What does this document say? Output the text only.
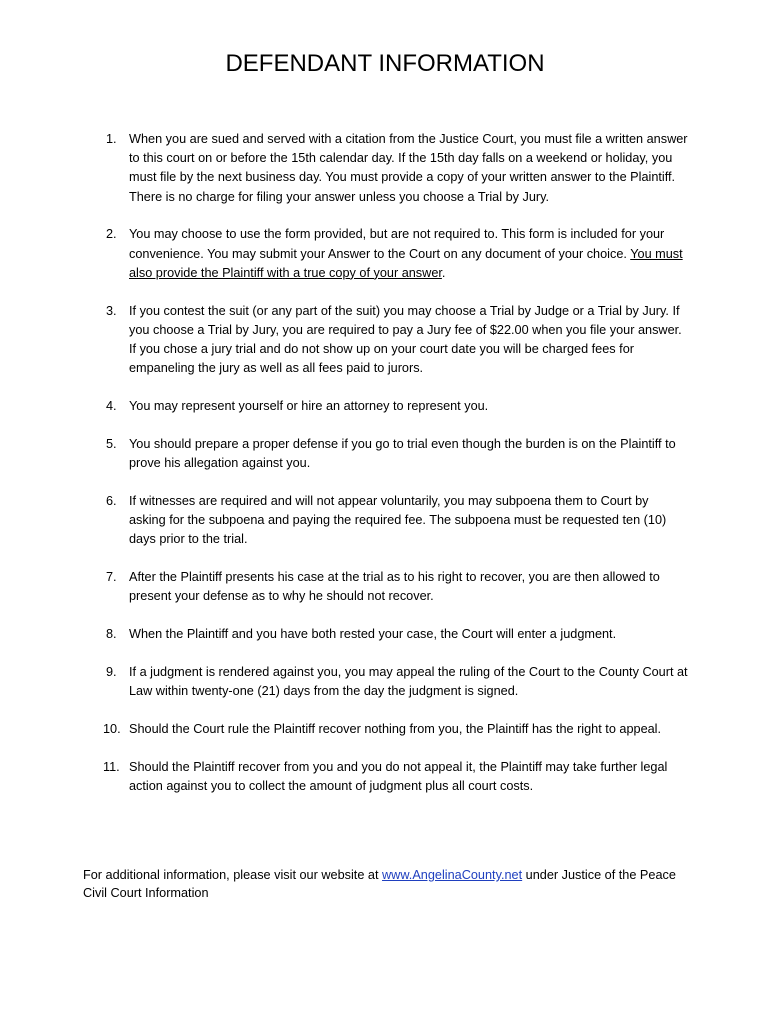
DEFENDANT INFORMATION
1. When you are sued and served with a citation from the Justice Court, you must file a written answer to this court on or before the 15th calendar day. If the 15th day falls on a weekend or holiday, you must file by the next business day. You must provide a copy of your written answer to the Plaintiff. There is no charge for filing your answer unless you choose a Trial by Jury.
2. You may choose to use the form provided, but are not required to. This form is included for your convenience. You may submit your Answer to the Court on any document of your choice. You must also provide the Plaintiff with a true copy of your answer.
3. If you contest the suit (or any part of the suit) you may choose a Trial by Judge or a Trial by Jury. If you choose a Trial by Jury, you are required to pay a Jury fee of $22.00 when you file your answer. If you chose a jury trial and do not show up on your court date you will be charged fees for empaneling the jury as well as all fees paid to jurors.
4. You may represent yourself or hire an attorney to represent you.
5. You should prepare a proper defense if you go to trial even though the burden is on the Plaintiff to prove his allegation against you.
6. If witnesses are required and will not appear voluntarily, you may subpoena them to Court by asking for the subpoena and paying the required fee. The subpoena must be requested ten (10) days prior to the trial.
7. After the Plaintiff presents his case at the trial as to his right to recover, you are then allowed to present your defense as to why he should not recover.
8. When the Plaintiff and you have both rested your case, the Court will enter a judgment.
9. If a judgment is rendered against you, you may appeal the ruling of the Court to the County Court at Law within twenty-one (21) days from the day the judgment is signed.
10. Should the Court rule the Plaintiff recover nothing from you, the Plaintiff has the right to appeal.
11. Should the Plaintiff recover from you and you do not appeal it, the Plaintiff may take further legal action against you to collect the amount of judgment plus all court costs.

For additional information, please visit our website at www.AngelinaCounty.net under Justice of the Peace Civil Court Information
